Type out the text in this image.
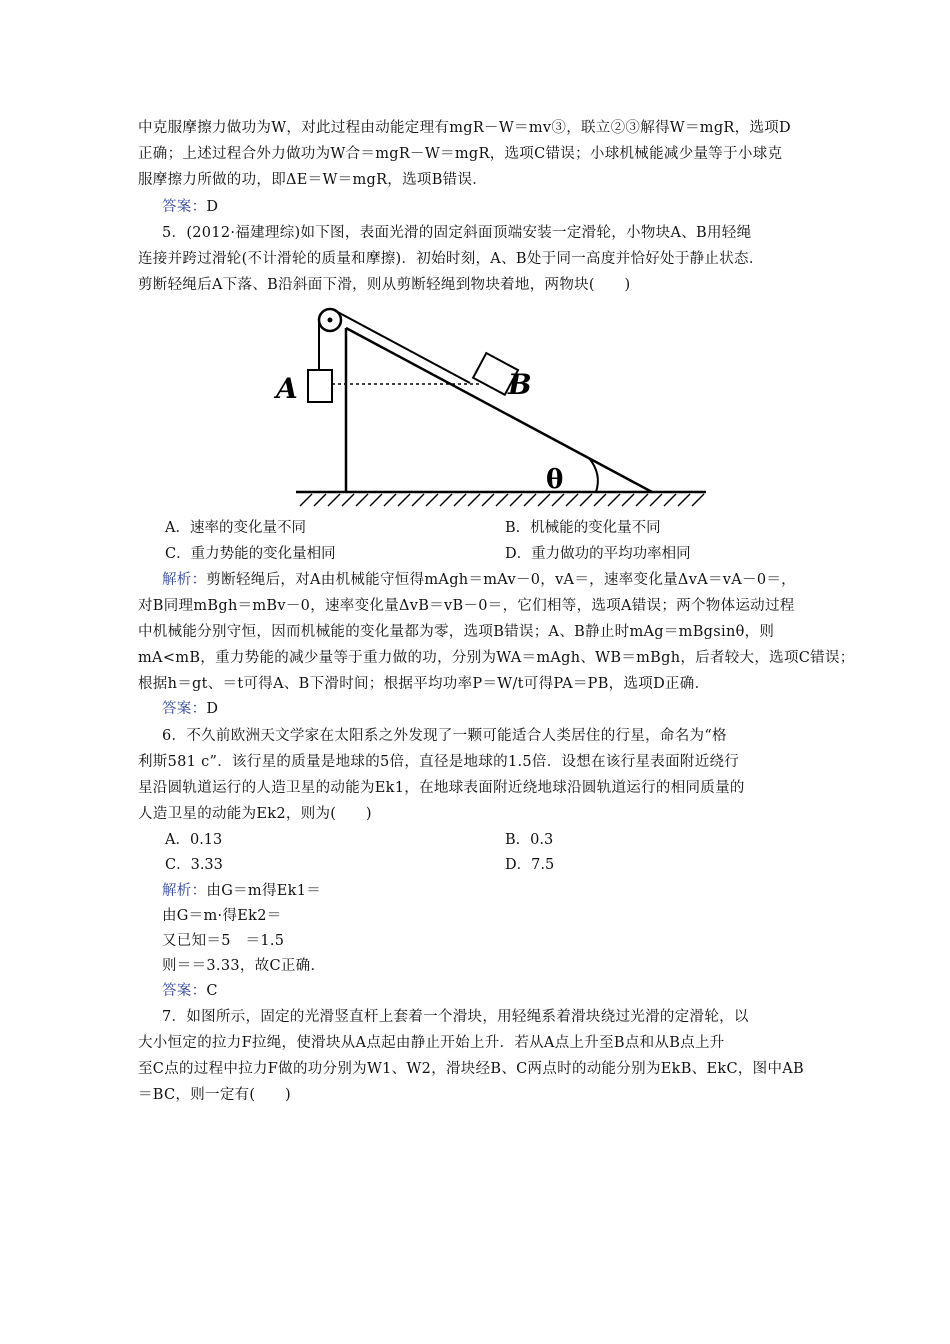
中克服摩擦力做功为W，对此过程由动能定理有mgR－W＝mv③，联立②③解得W＝mgR，选项D
正确；上述过程合外力做功为W合＝mgR－W＝mgR，选项C错误；小球机械能减少量等于小球克
服摩擦力所做的功，即ΔE＝W＝mgR，选项B错误．
答案：D
5．(2012·福建理综)如下图，表面光滑的固定斜面顶端安装一定滑轮，小物块A、B用轻绳
连接并跨过滑轮(不计滑轮的质量和摩擦)．初始时刻，A、B处于同一高度并恰好处于静止状态．
剪断轻绳后A下落、B沿斜面下滑，则从剪断轻绳到物块着地，两物块(　　)
A	B
θ
A．速率的变化量不同	B．机械能的变化量不同
C．重力势能的变化量相同	D．重力做功的平均功率相同
解析：剪断轻绳后，对A由机械能守恒得mAgh＝mAv－0，vA＝，速率变化量ΔvA＝vA－0＝，
对B同理mBgh＝mBv－0，速率变化量ΔvB＝vB－0＝，它们相等，选项A错误；两个物体运动过程
中机械能分别守恒，因而机械能的变化量都为零，选项B错误；A、B静止时mAg＝mBgsinθ，则
mA<mB，重力势能的减少量等于重力做的功，分别为WA＝mAgh、WB＝mBgh，后者较大，选项C错误；
根据h＝gt、＝t可得A、B下滑时间；根据平均功率P＝W/t可得PA＝PB，选项D正确．
答案：D
6．不久前欧洲天文学家在太阳系之外发现了一颗可能适合人类居住的行星，命名为“格
利斯581 c”．该行星的质量是地球的5倍，直径是地球的1.5倍．设想在该行星表面附近绕行
星沿圆轨道运行的人造卫星的动能为Ek1，在地球表面附近绕地球沿圆轨道运行的相同质量的
人造卫星的动能为Ek2，则为(　　)
A．0.13	B．0.3
C．3.33	D．7.5
解析：由G＝m得Ek1＝
由G＝m·得Ek2＝
又已知＝5　＝1.5
则＝＝3.33，故C正确．
答案：C
7．如图所示，固定的光滑竖直杆上套着一个滑块，用轻绳系着滑块绕过光滑的定滑轮，以
大小恒定的拉力F拉绳，使滑块从A点起由静止开始上升．若从A点上升至B点和从B点上升
至C点的过程中拉力F做的功分别为W1、W2，滑块经B、C两点时的动能分别为EkB、EkC，图中AB
＝BC，则一定有(　　)
